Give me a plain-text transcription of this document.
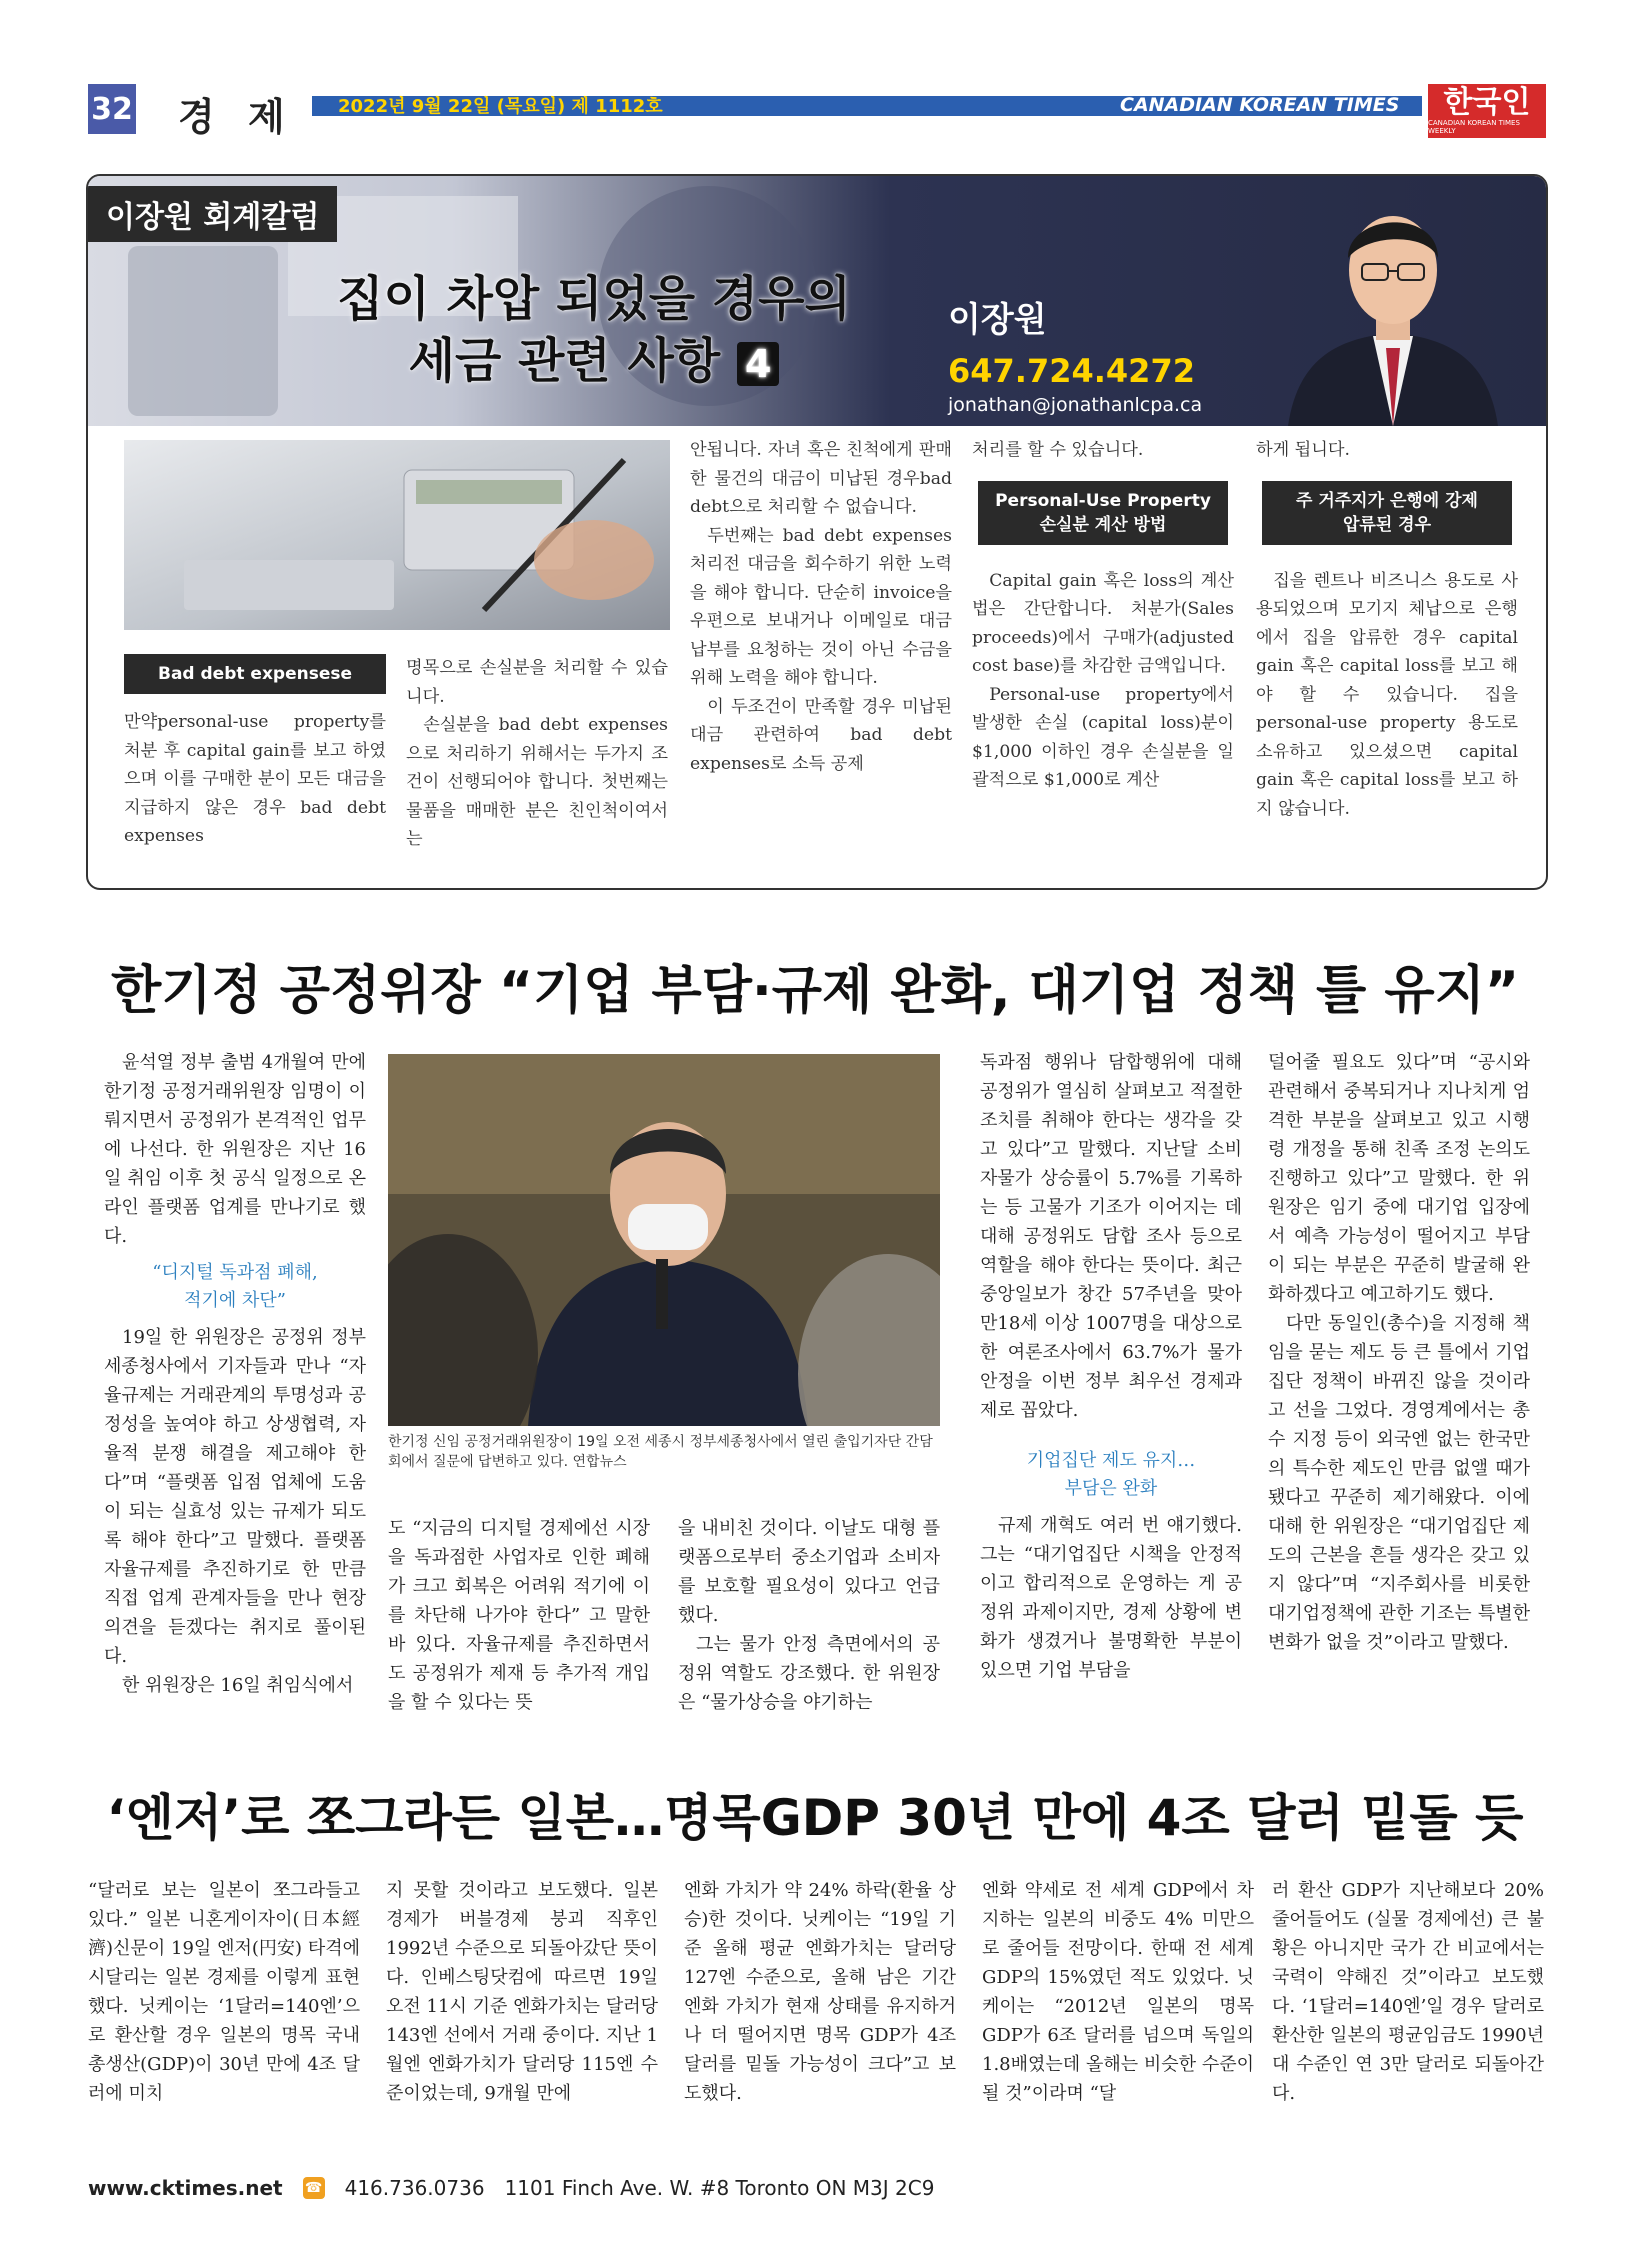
32 경 제 2022년 9월 22일 (목요일) 제 1112호	CANADIAN KOREAN TIMES 한국인
CANADIAN KOREAN TIMES WEEKLY
이장원 회계칼럼
집이 차압 되었을 경우의
세금 관련 사항 4
이장원
647.724.4272
jonathan@jonathanlcpa.ca
Bad debt expensese

만약personal-use property를 처분 후 capital gain를 보고 하였으며 이를 구매한 분이 모든 대금을 지급하지 않은 경우 bad debt expenses

명목으로 손실분을 처리할 수 있습니다.

손실분을 bad debt expenses으로 처리하기 위해서는 두가지 조건이 선행되어야 합니다. 첫번째는 물품을 매매한 분은 친인척이여서는

안됩니다. 자녀 혹은 친척에게 판매한 물건의 대금이 미납된 경우bad debt으로 처리할 수 없습니다.

두번째는 bad debt expenses 처리전 대금을 회수하기 위한 노력을 해야 합니다. 단순히 invoice을 우편으로 보내거나 이메일로 대금납부를 요청하는 것이 아닌 수금을 위해 노력을 해야 합니다.

이 두조건이 만족할 경우 미납된 대금 관련하여 bad debt expenses로 소득 공제

처리를 할 수 있습니다.

Personal-Use Property
손실분 계산 방법

Capital gain 혹은 loss의 계산법은 간단합니다. 처분가(Sales proceeds)에서 구매가(adjusted cost base)를 차감한 금액입니다.

Personal-use property에서 발생한 손실 (capital loss)분이 $1,000 이하인 경우 손실분을 일괄적으로 $1,000로 계산

하게 됩니다.

주 거주지가 은행에 강제
압류된 경우

집을 렌트나 비즈니스 용도로 사용되었으며 모기지 체납으로 은행에서 집을 압류한 경우 capital gain 혹은 capital loss를 보고 해야 할 수 있습니다. 집을 personal-use property 용도로 소유하고 있으셨으면 capital gain 혹은 capital loss를 보고 하지 않습니다.

한기정 공정위장 “기업 부담·규제 완화, 대기업 정책 틀 유지”

윤석열 정부 출범 4개월여 만에 한기정 공정거래위원장 임명이 이뤄지면서 공정위가 본격적인 업무에 나선다. 한 위원장은 지난 16일 취임 이후 첫 공식 일정으로 온라인 플랫폼 업계를 만나기로 했다.

“디지털 독과점 폐해,
적기에 차단”

19일 한 위원장은 공정위 정부세종청사에서 기자들과 만나 “자율규제는 거래관계의 투명성과 공정성을 높여야 하고 상생협력, 자율적 분쟁 해결을 제고해야 한다”며 “플랫폼 입점 업체에 도움이 되는 실효성 있는 규제가 되도록 해야 한다”고 말했다. 플랫폼 자율규제를 추진하기로 한 만큼 직접 업계 관계자들을 만나 현장 의견을 듣겠다는 취지로 풀이된다.

한 위원장은 16일 취임식에서

한기정 신임 공정거래위원장이 19일 오전 세종시 정부세종청사에서 열린 출입기자단 간담회에서 질문에 답변하고 있다. 연합뉴스

도 “지금의 디지털 경제에선 시장을 독과점한 사업자로 인한 폐해가 크고 회복은 어려워 적기에 이를 차단해 나가야 한다” 고 말한 바 있다. 자율규제를 추진하면서도 공정위가 제재 등 추가적 개입을 할 수 있다는 뜻

을 내비친 것이다. 이날도 대형 플랫폼으로부터 중소기업과 소비자를 보호할 필요성이 있다고 언급했다.

그는 물가 안정 측면에서의 공정위 역할도 강조했다. 한 위원장은 “물가상승을 야기하는

독과점 행위나 담합행위에 대해 공정위가 열심히 살펴보고 적절한 조치를 취해야 한다는 생각을 갖고 있다”고 말했다. 지난달 소비자물가 상승률이 5.7%를 기록하는 등 고물가 기조가 이어지는 데 대해 공정위도 담합 조사 등으로 역할을 해야 한다는 뜻이다. 최근 중앙일보가 창간 57주년을 맞아 만18세 이상 1007명을 대상으로 한 여론조사에서 63.7%가 물가안정을 이번 정부 최우선 경제과제로 꼽았다.

기업집단 제도 유지…
부담은 완화

규제 개혁도 여러 번 얘기했다. 그는 “대기업집단 시책을 안정적이고 합리적으로 운영하는 게 공정위 과제이지만, 경제 상황에 변화가 생겼거나 불명확한 부분이 있으면 기업 부담을

덜어줄 필요도 있다”며 “공시와 관련해서 중복되거나 지나치게 엄격한 부분을 살펴보고 있고 시행령 개정을 통해 친족 조정 논의도 진행하고 있다”고 말했다. 한 위원장은 임기 중에 대기업 입장에서 예측 가능성이 떨어지고 부담이 되는 부분은 꾸준히 발굴해 완화하겠다고 예고하기도 했다.

다만 동일인(총수)을 지정해 책임을 묻는 제도 등 큰 틀에서 기업집단 정책이 바뀌진 않을 것이라고 선을 그었다. 경영계에서는 총수 지정 등이 외국엔 없는 한국만의 특수한 제도인 만큼 없앨 때가 됐다고 꾸준히 제기해왔다. 이에 대해 한 위원장은 “대기업집단 제도의 근본을 흔들 생각은 갖고 있지 않다”며 “지주회사를 비롯한 대기업정책에 관한 기조는 특별한 변화가 없을 것”이라고 말했다.

‘엔저’로 쪼그라든 일본…명목GDP 30년 만에 4조 달러 밑돌 듯

“달러로 보는 일본이 쪼그라들고 있다.” 일본 니혼게이자이(日本經濟)신문이 19일 엔저(円安) 타격에 시달리는 일본 경제를 이렇게 표현했다. 닛케이는 ‘1달러=140엔’으로 환산할 경우 일본의 명목 국내총생산(GDP)이 30년 만에 4조 달러에 미치

지 못할 것이라고 보도했다. 일본 경제가 버블경제 붕괴 직후인 1992년 수준으로 되돌아갔단 뜻이다. 인베스팅닷컴에 따르면 19일 오전 11시 기준 엔화가치는 달러당 143엔 선에서 거래 중이다. 지난 1월엔 엔화가치가 달러당 115엔 수준이었는데, 9개월 만에

엔화 가치가 약 24% 하락(환율 상승)한 것이다. 닛케이는 “19일 기준 올해 평균 엔화가치는 달러당 127엔 수준으로, 올해 남은 기간 엔화 가치가 현재 상태를 유지하거나 더 떨어지면 명목 GDP가 4조 달러를 밑돌 가능성이 크다”고 보도했다.

엔화 약세로 전 세계 GDP에서 차지하는 일본의 비중도 4% 미만으로 줄어들 전망이다. 한때 전 세계 GDP의 15%였던 적도 있었다. 닛케이는 “2012년 일본의 명목 GDP가 6조 달러를 넘으며 독일의 1.8배였는데 올해는 비슷한 수준이 될 것”이라며 “달

러 환산 GDP가 지난해보다 20% 줄어들어도 (실물 경제에선) 큰 불황은 아니지만 국가 간 비교에서는 국력이 약해진 것”이라고 보도했다. ‘1달러=140엔’일 경우 달러로 환산한 일본의 평균임금도 1990년대 수준인 연 3만 달러로 되돌아간다.

www.cktimes.net ☎ 416.736.0736 1101 Finch Ave. W. #8 Toronto ON M3J 2C9
